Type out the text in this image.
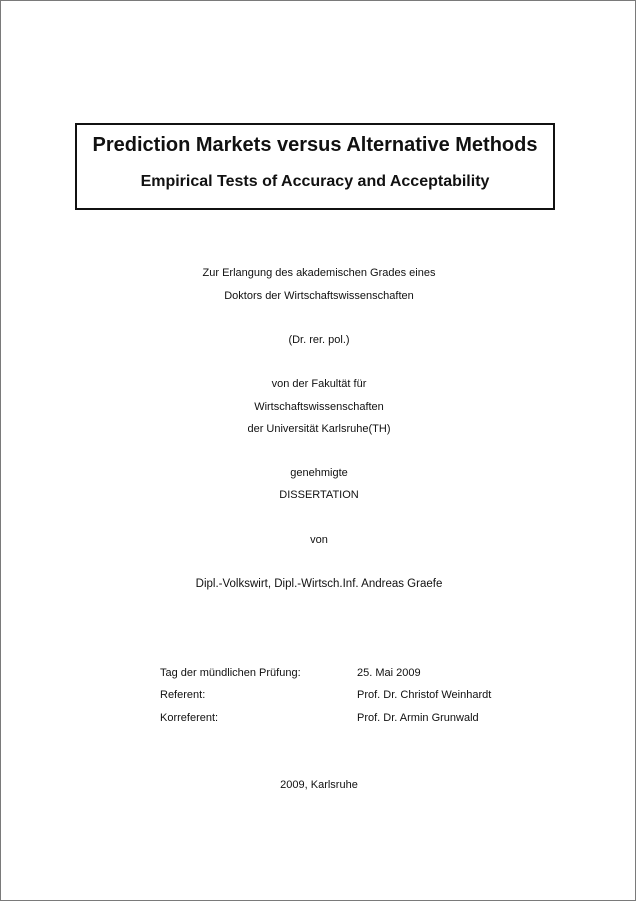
Prediction Markets versus Alternative Methods
Empirical Tests of Accuracy and Acceptability
Zur Erlangung des akademischen Grades eines
Doktors der Wirtschaftswissenschaften
(Dr. rer. pol.)
von der Fakultät für
Wirtschaftswissenschaften
der Universität Karlsruhe(TH)
genehmigte
DISSERTATION
von
Dipl.-Volkswirt, Dipl.-Wirtsch.Inf. Andreas Graefe
Tag der mündlichen Prüfung:	25. Mai 2009
Referent:	Prof. Dr. Christof Weinhardt
Korreferent:	Prof. Dr. Armin Grunwald
2009, Karlsruhe
